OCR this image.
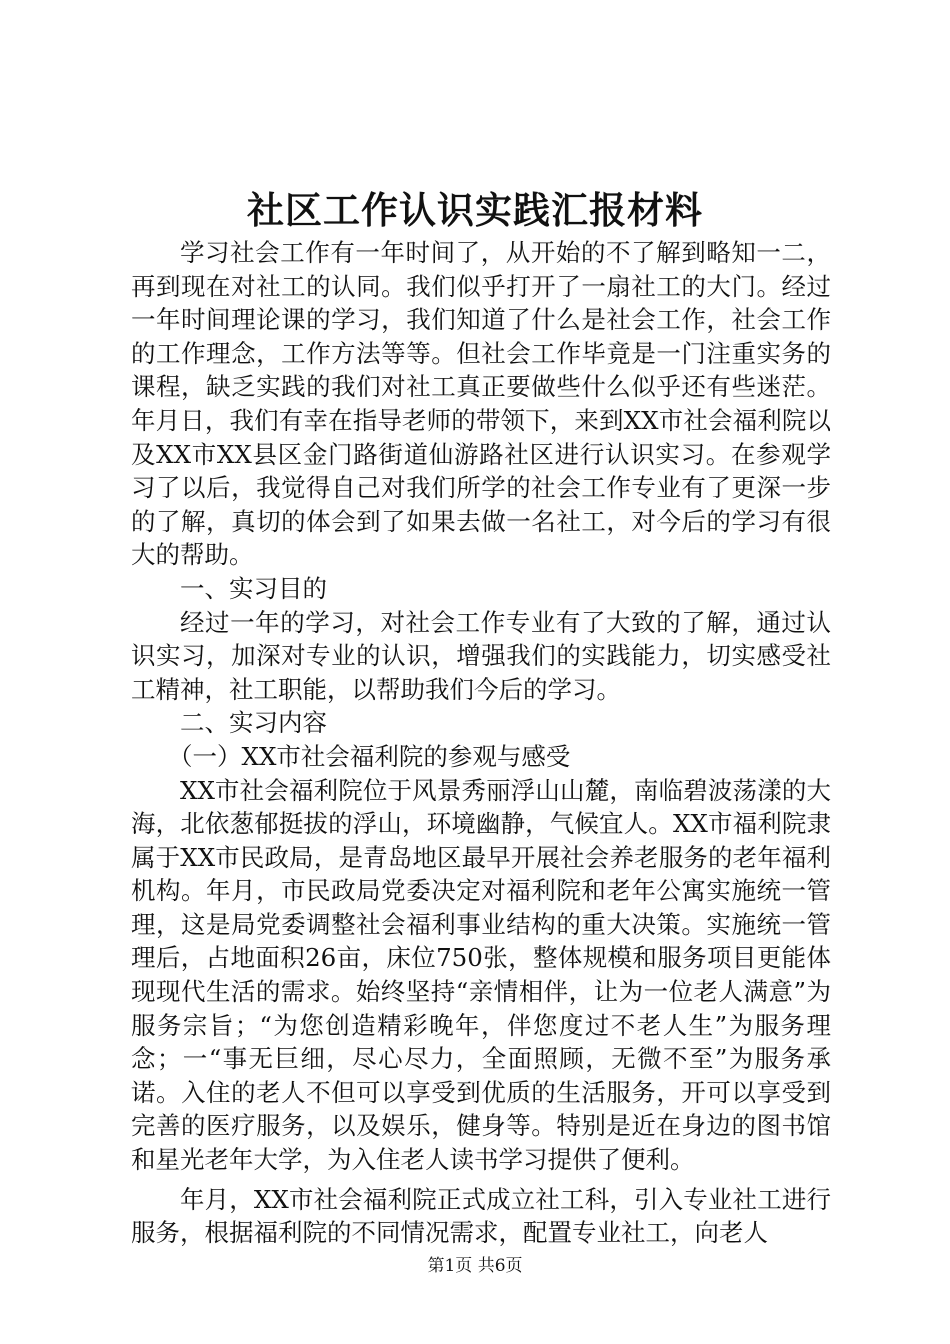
社区工作认识实践汇报材料

学习社会工作有一年时间了，从开始的不了解到略知一二，再到现在对社工的认同。我们似乎打开了一扇社工的大门。经过一年时间理论课的学习，我们知道了什么是社会工作，社会工作的工作理念，工作方法等等。但社会工作毕竟是一门注重实务的课程，缺乏实践的我们对社工真正要做些什么似乎还有些迷茫。年月日，我们有幸在指导老师的带领下，来到XX市社会福利院以及XX市XX县区金门路街道仙游路社区进行认识实习。在参观学习了以后，我觉得自己对我们所学的社会工作专业有了更深一步的了解，真切的体会到了如果去做一名社工，对今后的学习有很大的帮助。

一、实习目的

经过一年的学习，对社会工作专业有了大致的了解，通过认识实习，加深对专业的认识，增强我们的实践能力，切实感受社工精神，社工职能，以帮助我们今后的学习。

二、实习内容

（一）XX市社会福利院的参观与感受

XX市社会福利院位于风景秀丽浮山山麓，南临碧波荡漾的大海，北依葱郁挺拔的浮山，环境幽静，气候宜人。XX市福利院隶属于XX市民政局，是青岛地区最早开展社会养老服务的老年福利机构。年月，市民政局党委决定对福利院和老年公寓实施统一管理，这是局党委调整社会福利事业结构的重大决策。实施统一管理后，占地面积26亩，床位750张，整体规模和服务项目更能体现现代生活的需求。始终坚持“亲情相伴，让为一位老人满意”为服务宗旨；“为您创造精彩晚年，伴您度过不老人生”为服务理念；一“事无巨细，尽心尽力，全面照顾，无微不至”为服务承诺。入住的老人不但可以享受到优质的生活服务，开可以享受到完善的医疗服务，以及娱乐，健身等。特别是近在身边的图书馆和星光老年大学，为入住老人读书学习提供了便利。

年月，XX市社会福利院正式成立社工科，引入专业社工进行服务，根据福利院的不同情况需求，配置专业社工，向老人

第1页 共6页
